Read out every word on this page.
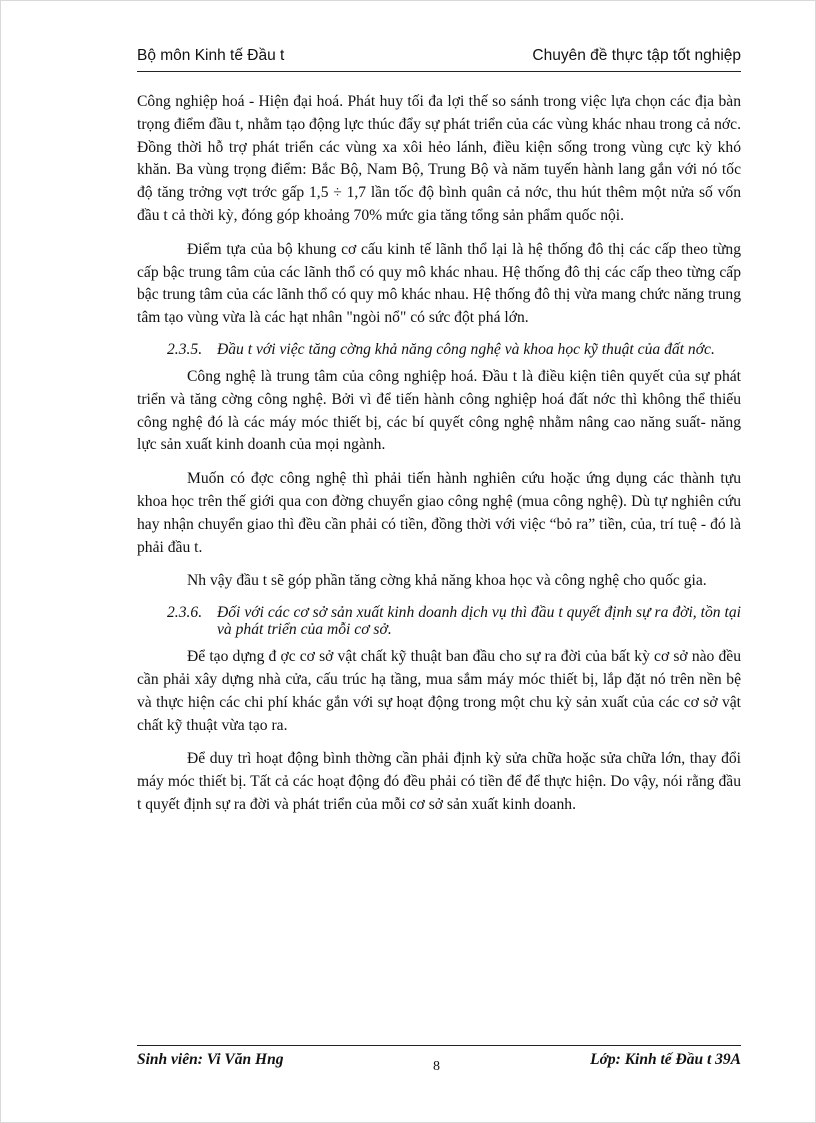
Bộ môn Kinh tế Đầu t	Chuyên đề thực tập tốt nghiệp

Công nghiệp hoá - Hiện đại hoá. Phát huy tối đa lợi thế so sánh trong việc lựa chọn các địa bàn trọng điểm đầu t, nhằm tạo động lực thúc đẩy sự phát triển của các vùng khác nhau trong cả nớc. Đồng thời hỗ trợ phát triển các vùng xa xôi hẻo lánh, điều kiện sống trong vùng cực kỳ khó khăn. Ba vùng trọng điểm: Bắc Bộ, Nam Bộ, Trung Bộ và năm tuyến hành lang gắn với nó tốc độ tăng trởng vợt trớc gấp 1,5 ÷ 1,7 lần tốc độ bình quân cả nớc, thu hút thêm một nửa số vốn đầu t cả thời kỳ, đóng góp khoảng 70% mức gia tăng tổng sản phẩm quốc nội.

Điểm tựa của bộ khung cơ cấu kinh tế lãnh thổ lại là hệ thống đô thị các cấp theo từng cấp bậc trung tâm của các lãnh thổ có quy mô khác nhau. Hệ thống đô thị các cấp theo từng cấp bậc trung tâm của các lãnh thổ có quy mô khác nhau. Hệ thống đô thị vừa mang chức năng trung tâm tạo vùng vừa là các hạt nhân "ngòi nổ" có sức đột phá lớn.

2.3.5. Đầu t với việc tăng cờng khả năng công nghệ và khoa học kỹ thuật của đất nớc.

Công nghệ là trung tâm của công nghiệp hoá. Đầu t là điều kiện tiên quyết của sự phát triển và tăng cờng công nghệ. Bởi vì để tiến hành công nghiệp hoá đất nớc thì không thể thiếu công nghệ đó là các máy móc thiết bị, các bí quyết công nghệ nhằm nâng cao năng suất- năng lực sản xuất kinh doanh của mọi ngành.

Muốn có đợc công nghệ thì phải tiến hành nghiên cứu hoặc ứng dụng các thành tựu khoa học trên thế giới qua con đờng chuyển giao công nghệ (mua công nghệ). Dù tự nghiên cứu hay nhận chuyển giao thì đều cần phải có tiền, đồng thời với việc “bỏ ra” tiền, của, trí tuệ - đó là phải đầu t.

Nh vậy đầu t sẽ góp phần tăng cờng khả năng khoa học và công nghệ cho quốc gia.

2.3.6. Đối với các cơ sở sản xuất kinh doanh dịch vụ thì đầu t quyết định sự ra đời, tồn tại và phát triển của mỗi cơ sở.

Để tạo dựng đ ợc cơ sở vật chất kỹ thuật ban đầu cho sự ra đời của bất kỳ cơ sở nào đều cần phải xây dựng nhà cửa, cấu trúc hạ tầng, mua sắm máy móc thiết bị, lắp đặt nó trên nền bệ và thực hiện các chi phí khác gắn với sự hoạt động trong một chu kỳ sản xuất của các cơ sở vật chất kỹ thuật vừa tạo ra.

Để duy trì hoạt động bình thờng cần phải định kỳ sửa chữa hoặc sửa chữa lớn, thay đổi máy móc thiết bị. Tất cả các hoạt động đó đều phải có tiền để để thực hiện. Do vậy, nói rằng đầu t quyết định sự ra đời và phát triển của mỗi cơ sở sản xuất kinh doanh.

Sinh viên: Vi Văn Hng	8	Lớp: Kinh tế Đầu t 39A
